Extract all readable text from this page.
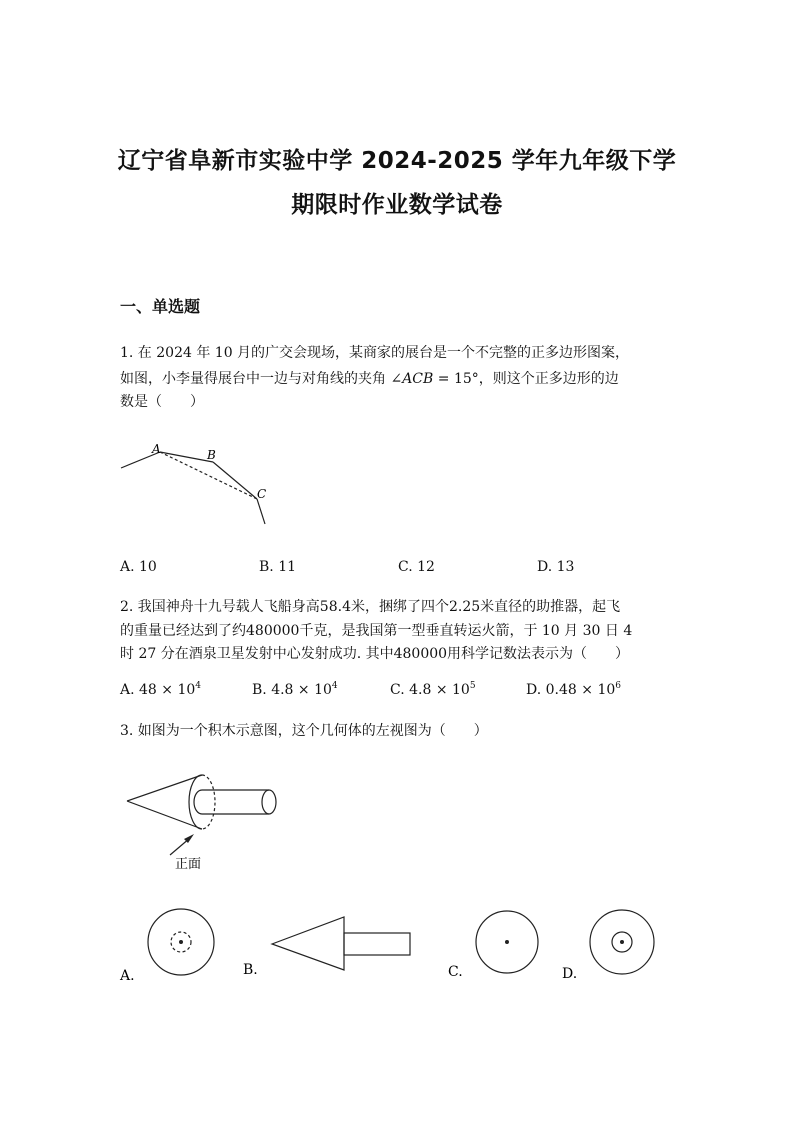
辽宁省阜新市实验中学 2024-2025 学年九年级下学
期限时作业数学试卷
一、单选题
1. 在 2024 年 10 月的广交会现场，某商家的展台是一个不完整的正多边形图案，
如图，小李量得展台中一边与对角线的夹角 ∠ACB = 15°，则这个正多边形的边
数是（　　）
A	B
C
A. 10	B. 11	C. 12	D. 13
2. 我国神舟十九号载人飞船身高58.4米，捆绑了四个2.25米直径的助推器，起飞
的重量已经达到了约480000千克，是我国第一型垂直转运火箭，于 10 月 30 日 4
时 27 分在酒泉卫星发射中心发射成功. 其中480000用科学记数法表示为（　　）
A. $48 \times 10^4$	B. $4.8 \times 10^4$	C. $4.8 \times 10^5$	D. $0.48 \times 10^6$
3. 如图为一个积木示意图，这个几何体的左视图为（　　）
正面
A.	B.	C.	D.
